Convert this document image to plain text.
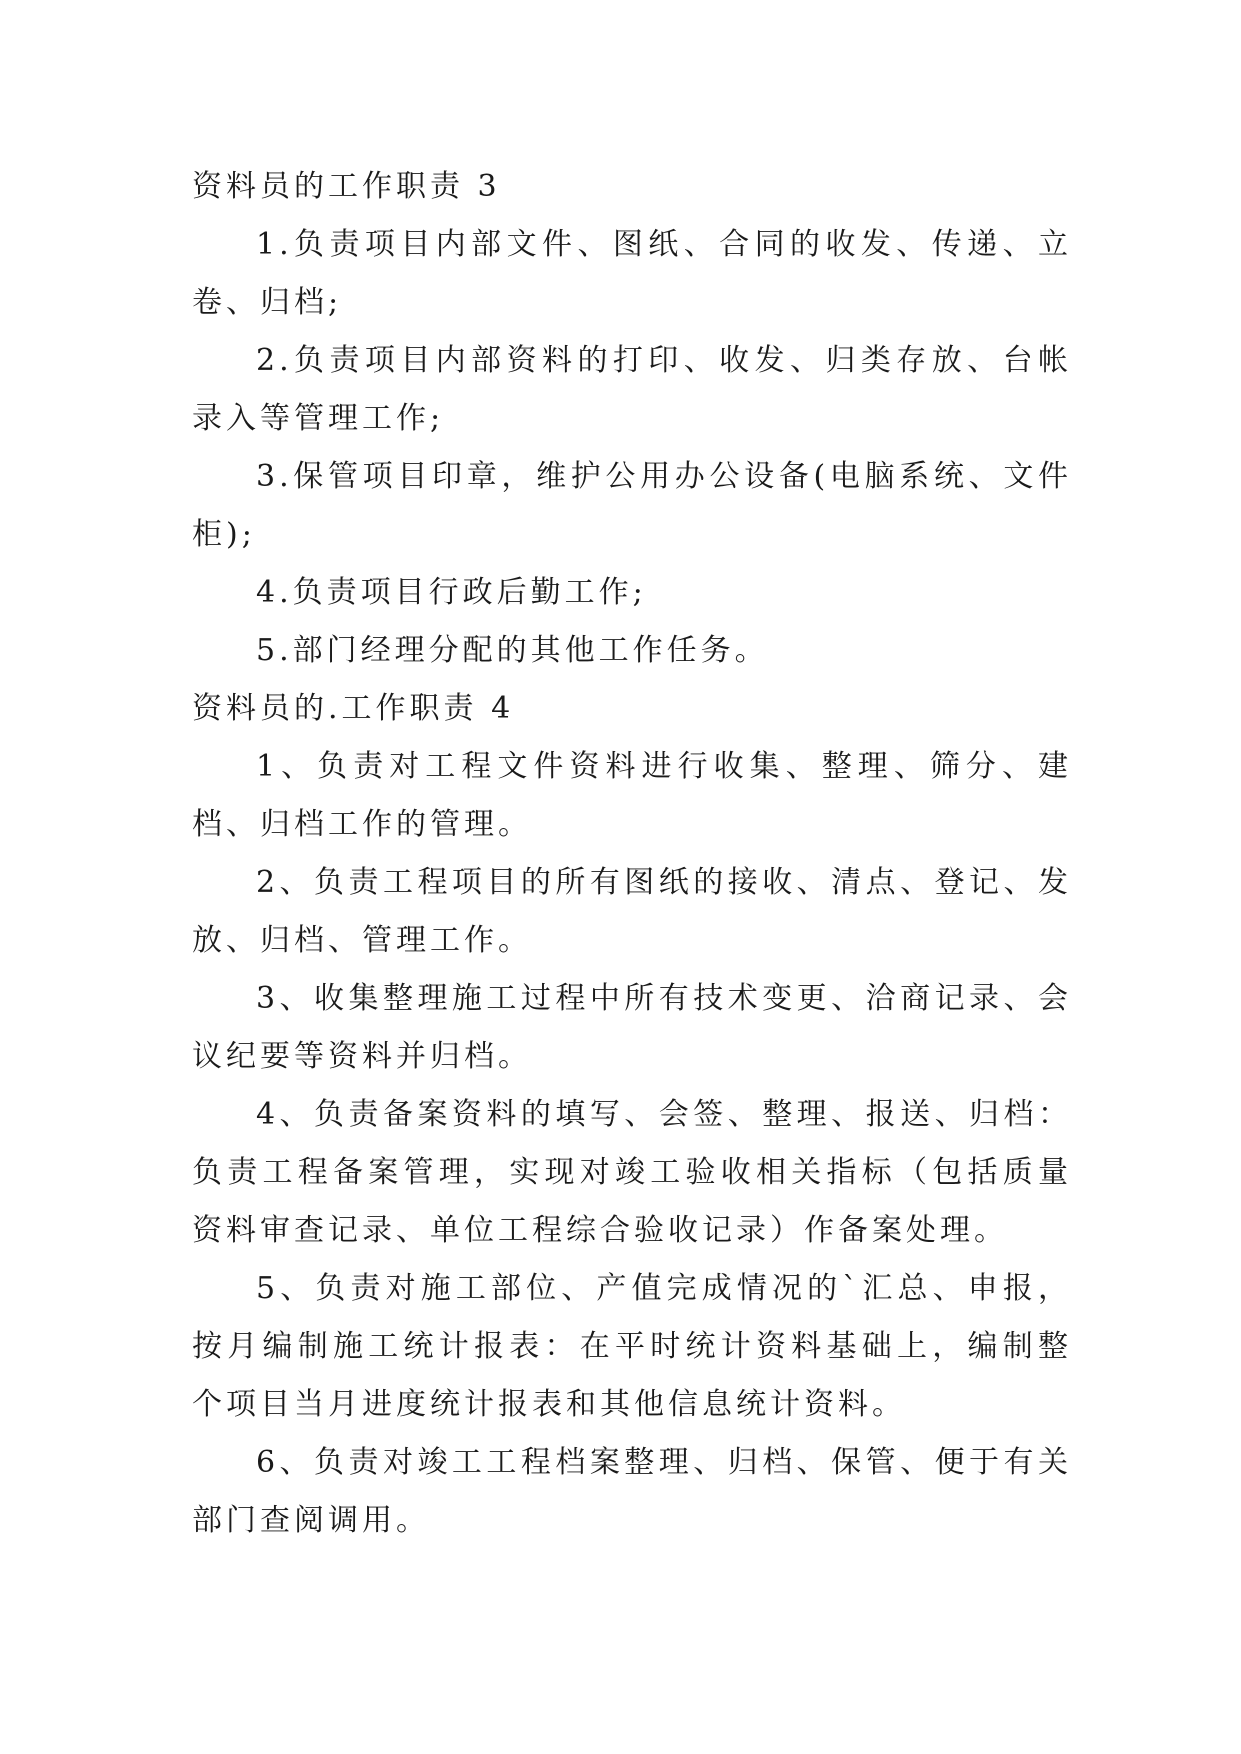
资料员的工作职责 3

1.负责项目内部文件、图纸、合同的收发、传递、立卷、归档;

2.负责项目内部资料的打印、收发、归类存放、台帐录入等管理工作;

3.保管项目印章，维护公用办公设备(电脑系统、文件柜);

4.负责项目行政后勤工作;

5.部门经理分配的其他工作任务。

资料员的.工作职责 4

1、负责对工程文件资料进行收集、整理、筛分、建档、归档工作的管理。

2、负责工程项目的所有图纸的接收、清点、登记、发放、归档、管理工作。

3、收集整理施工过程中所有技术变更、洽商记录、会议纪要等资料并归档。

4、负责备案资料的填写、会签、整理、报送、归档：负责工程备案管理，实现对竣工验收相关指标（包括质量资料审查记录、单位工程综合验收记录）作备案处理。

5、负责对施工部位、产值完成情况的`汇总、申报，按月编制施工统计报表：在平时统计资料基础上，编制整个项目当月进度统计报表和其他信息统计资料。

6、负责对竣工工程档案整理、归档、保管、便于有关部门查阅调用。
